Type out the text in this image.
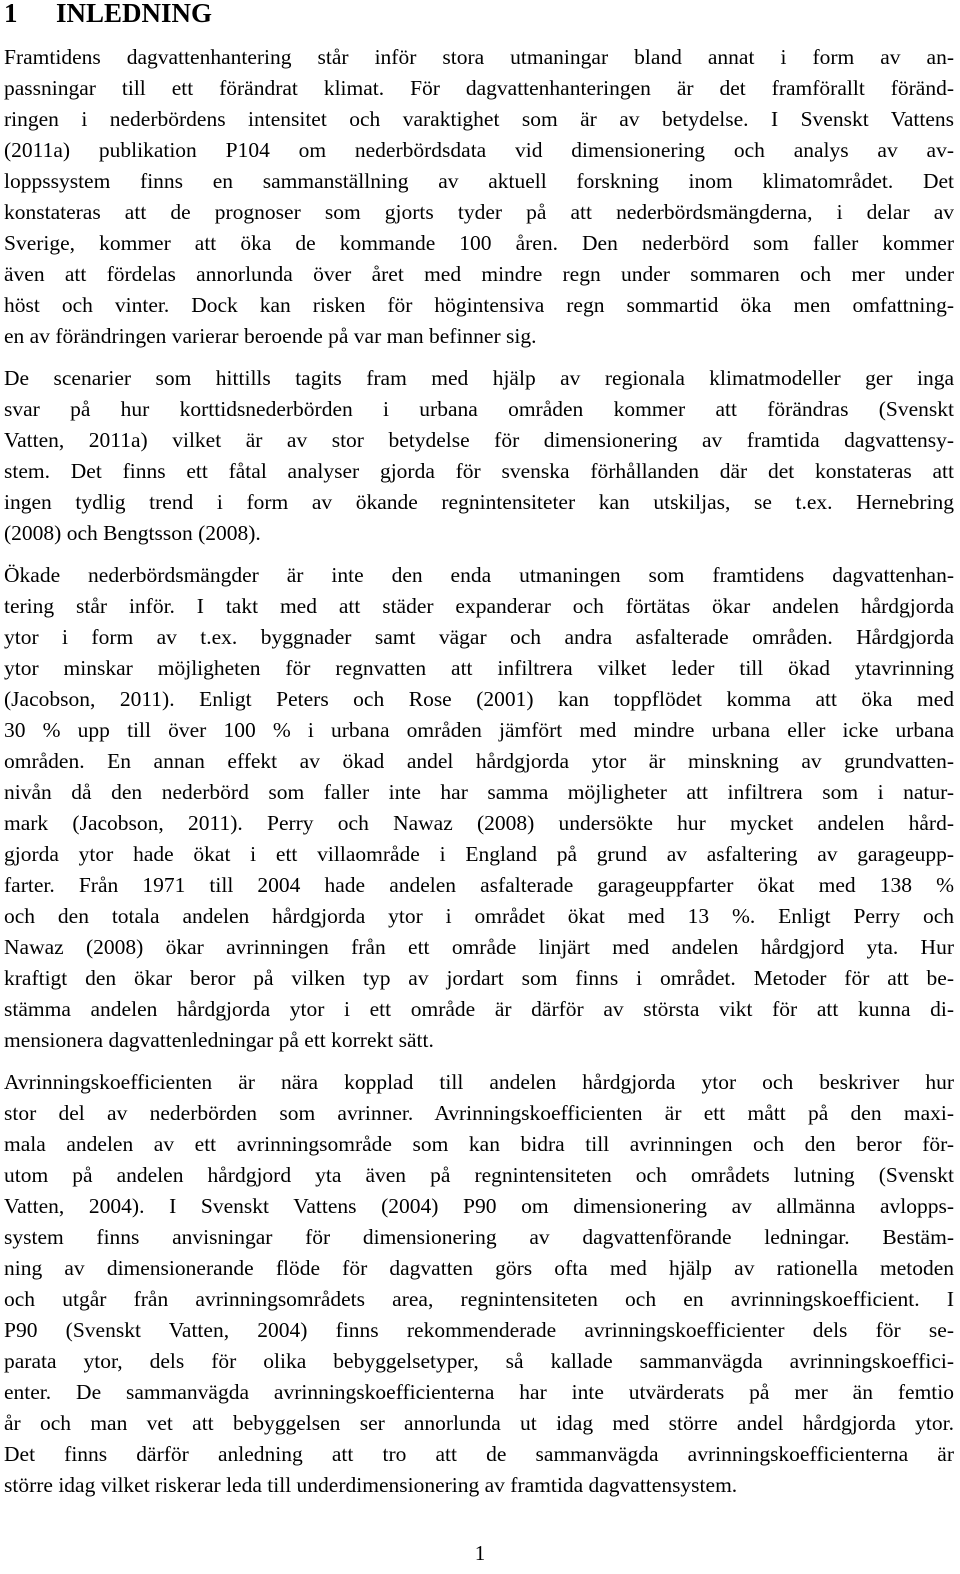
1	INLEDNING

Framtidens dagvattenhantering står inför stora utmaningar bland annat i form av an-
passningar till ett förändrat klimat. För dagvattenhanteringen är det framförallt föränd-
ringen i nederbördens intensitet och varaktighet som är av betydelse. I Svenskt Vattens
(2011a) publikation P104 om nederbördsdata vid dimensionering och analys av av-
loppssystem finns en sammanställning av aktuell forskning inom klimatområdet. Det
konstateras att de prognoser som gjorts tyder på att nederbördsmängderna, i delar av
Sverige, kommer att öka de kommande 100 åren. Den nederbörd som faller kommer
även att fördelas annorlunda över året med mindre regn under sommaren och mer under
höst och vinter. Dock kan risken för högintensiva regn sommartid öka men omfattning-
en av förändringen varierar beroende på var man befinner sig.

De scenarier som hittills tagits fram med hjälp av regionala klimatmodeller ger inga
svar på hur korttidsnederbörden i urbana områden kommer att förändras (Svenskt
Vatten, 2011a) vilket är av stor betydelse för dimensionering av framtida dagvattensy-
stem. Det finns ett fåtal analyser gjorda för svenska förhållanden där det konstateras att
ingen tydlig trend i form av ökande regnintensiteter kan utskiljas, se t.ex. Hernebring
(2008) och Bengtsson (2008).

Ökade nederbördsmängder är inte den enda utmaningen som framtidens dagvattenhan-
tering står inför. I takt med att städer expanderar och förtätas ökar andelen hårdgjorda
ytor i form av t.ex. byggnader samt vägar och andra asfalterade områden. Hårdgjorda
ytor minskar möjligheten för regnvatten att infiltrera vilket leder till ökad ytavrinning
(Jacobson, 2011). Enligt Peters och Rose (2001) kan toppflödet komma att öka med
30 % upp till över 100 % i urbana områden jämfört med mindre urbana eller icke urbana
områden. En annan effekt av ökad andel hårdgjorda ytor är minskning av grundvatten-
nivån då den nederbörd som faller inte har samma möjligheter att infiltrera som i natur-
mark (Jacobson, 2011). Perry och Nawaz (2008) undersökte hur mycket andelen hård-
gjorda ytor hade ökat i ett villaområde i England på grund av asfaltering av garageupp-
farter. Från 1971 till 2004 hade andelen asfalterade garageuppfarter ökat med 138 %
och den totala andelen hårdgjorda ytor i området ökat med 13 %. Enligt Perry och
Nawaz (2008) ökar avrinningen från ett område linjärt med andelen hårdgjord yta. Hur
kraftigt den ökar beror på vilken typ av jordart som finns i området. Metoder för att be-
stämma andelen hårdgjorda ytor i ett område är därför av största vikt för att kunna di-
mensionera dagvattenledningar på ett korrekt sätt.

Avrinningskoefficienten är nära kopplad till andelen hårdgjorda ytor och beskriver hur
stor del av nederbörden som avrinner. Avrinningskoefficienten är ett mått på den maxi-
mala andelen av ett avrinningsområde som kan bidra till avrinningen och den beror för-
utom på andelen hårdgjord yta även på regnintensiteten och områdets lutning (Svenskt
Vatten, 2004). I Svenskt Vattens (2004) P90 om dimensionering av allmänna avlopps-
system finns anvisningar för dimensionering av dagvattenförande ledningar. Bestäm-
ning av dimensionerande flöde för dagvatten görs ofta med hjälp av rationella metoden
och utgår från avrinningsområdets area, regnintensiteten och en avrinningskoefficient. I
P90 (Svenskt Vatten, 2004) finns rekommenderade avrinningskoefficienter dels för se-
parata ytor, dels för olika bebyggelsetyper, så kallade sammanvägda avrinningskoeffici-
enter. De sammanvägda avrinningskoefficienterna har inte utvärderats på mer än femtio
år och man vet att bebyggelsen ser annorlunda ut idag med större andel hårdgjorda ytor.
Det finns därför anledning att tro att de sammanvägda avrinningskoefficienterna är
större idag vilket riskerar leda till underdimensionering av framtida dagvattensystem.

1
